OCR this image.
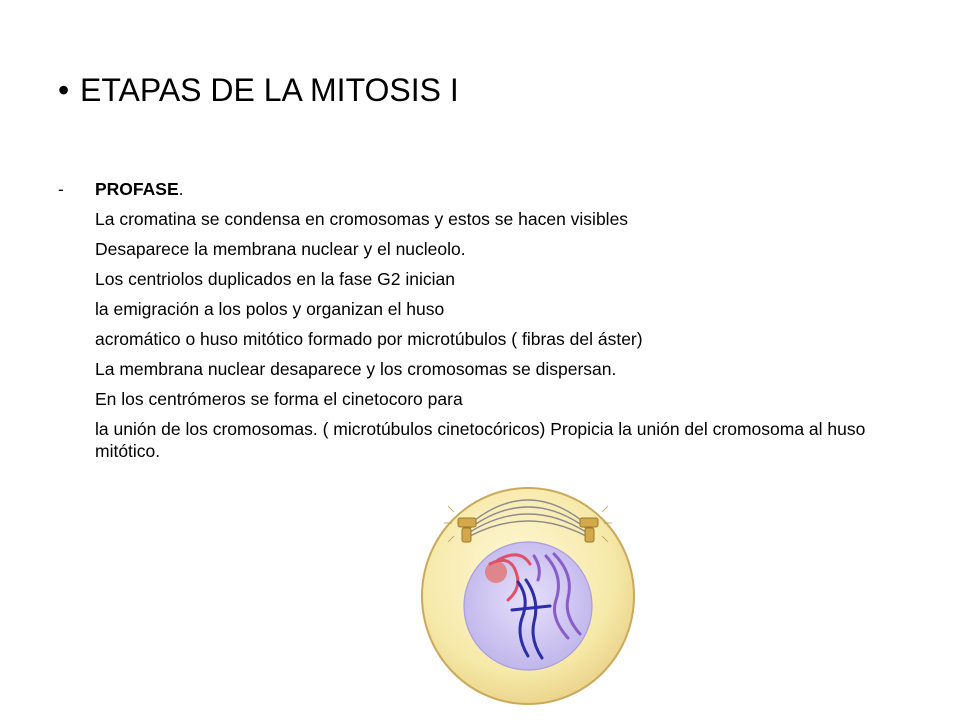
• ETAPAS DE LA MITOSIS I
- PROFASE.
La cromatina se condensa en cromosomas y estos se hacen visibles
Desaparece la membrana nuclear y el nucleolo.
Los centriolos duplicados en la fase G2 inician
la emigración a los polos y organizan el huso
acromático o huso mitótico formado por microtúbulos ( fibras del áster)
La membrana nuclear desaparece y los cromosomas se dispersan.
En los centrómeros se forma el cinetocoro para
la unión de los cromosomas. ( microtúbulos cinetocóricos) Propicia la unión del cromosoma al huso mitótico.
